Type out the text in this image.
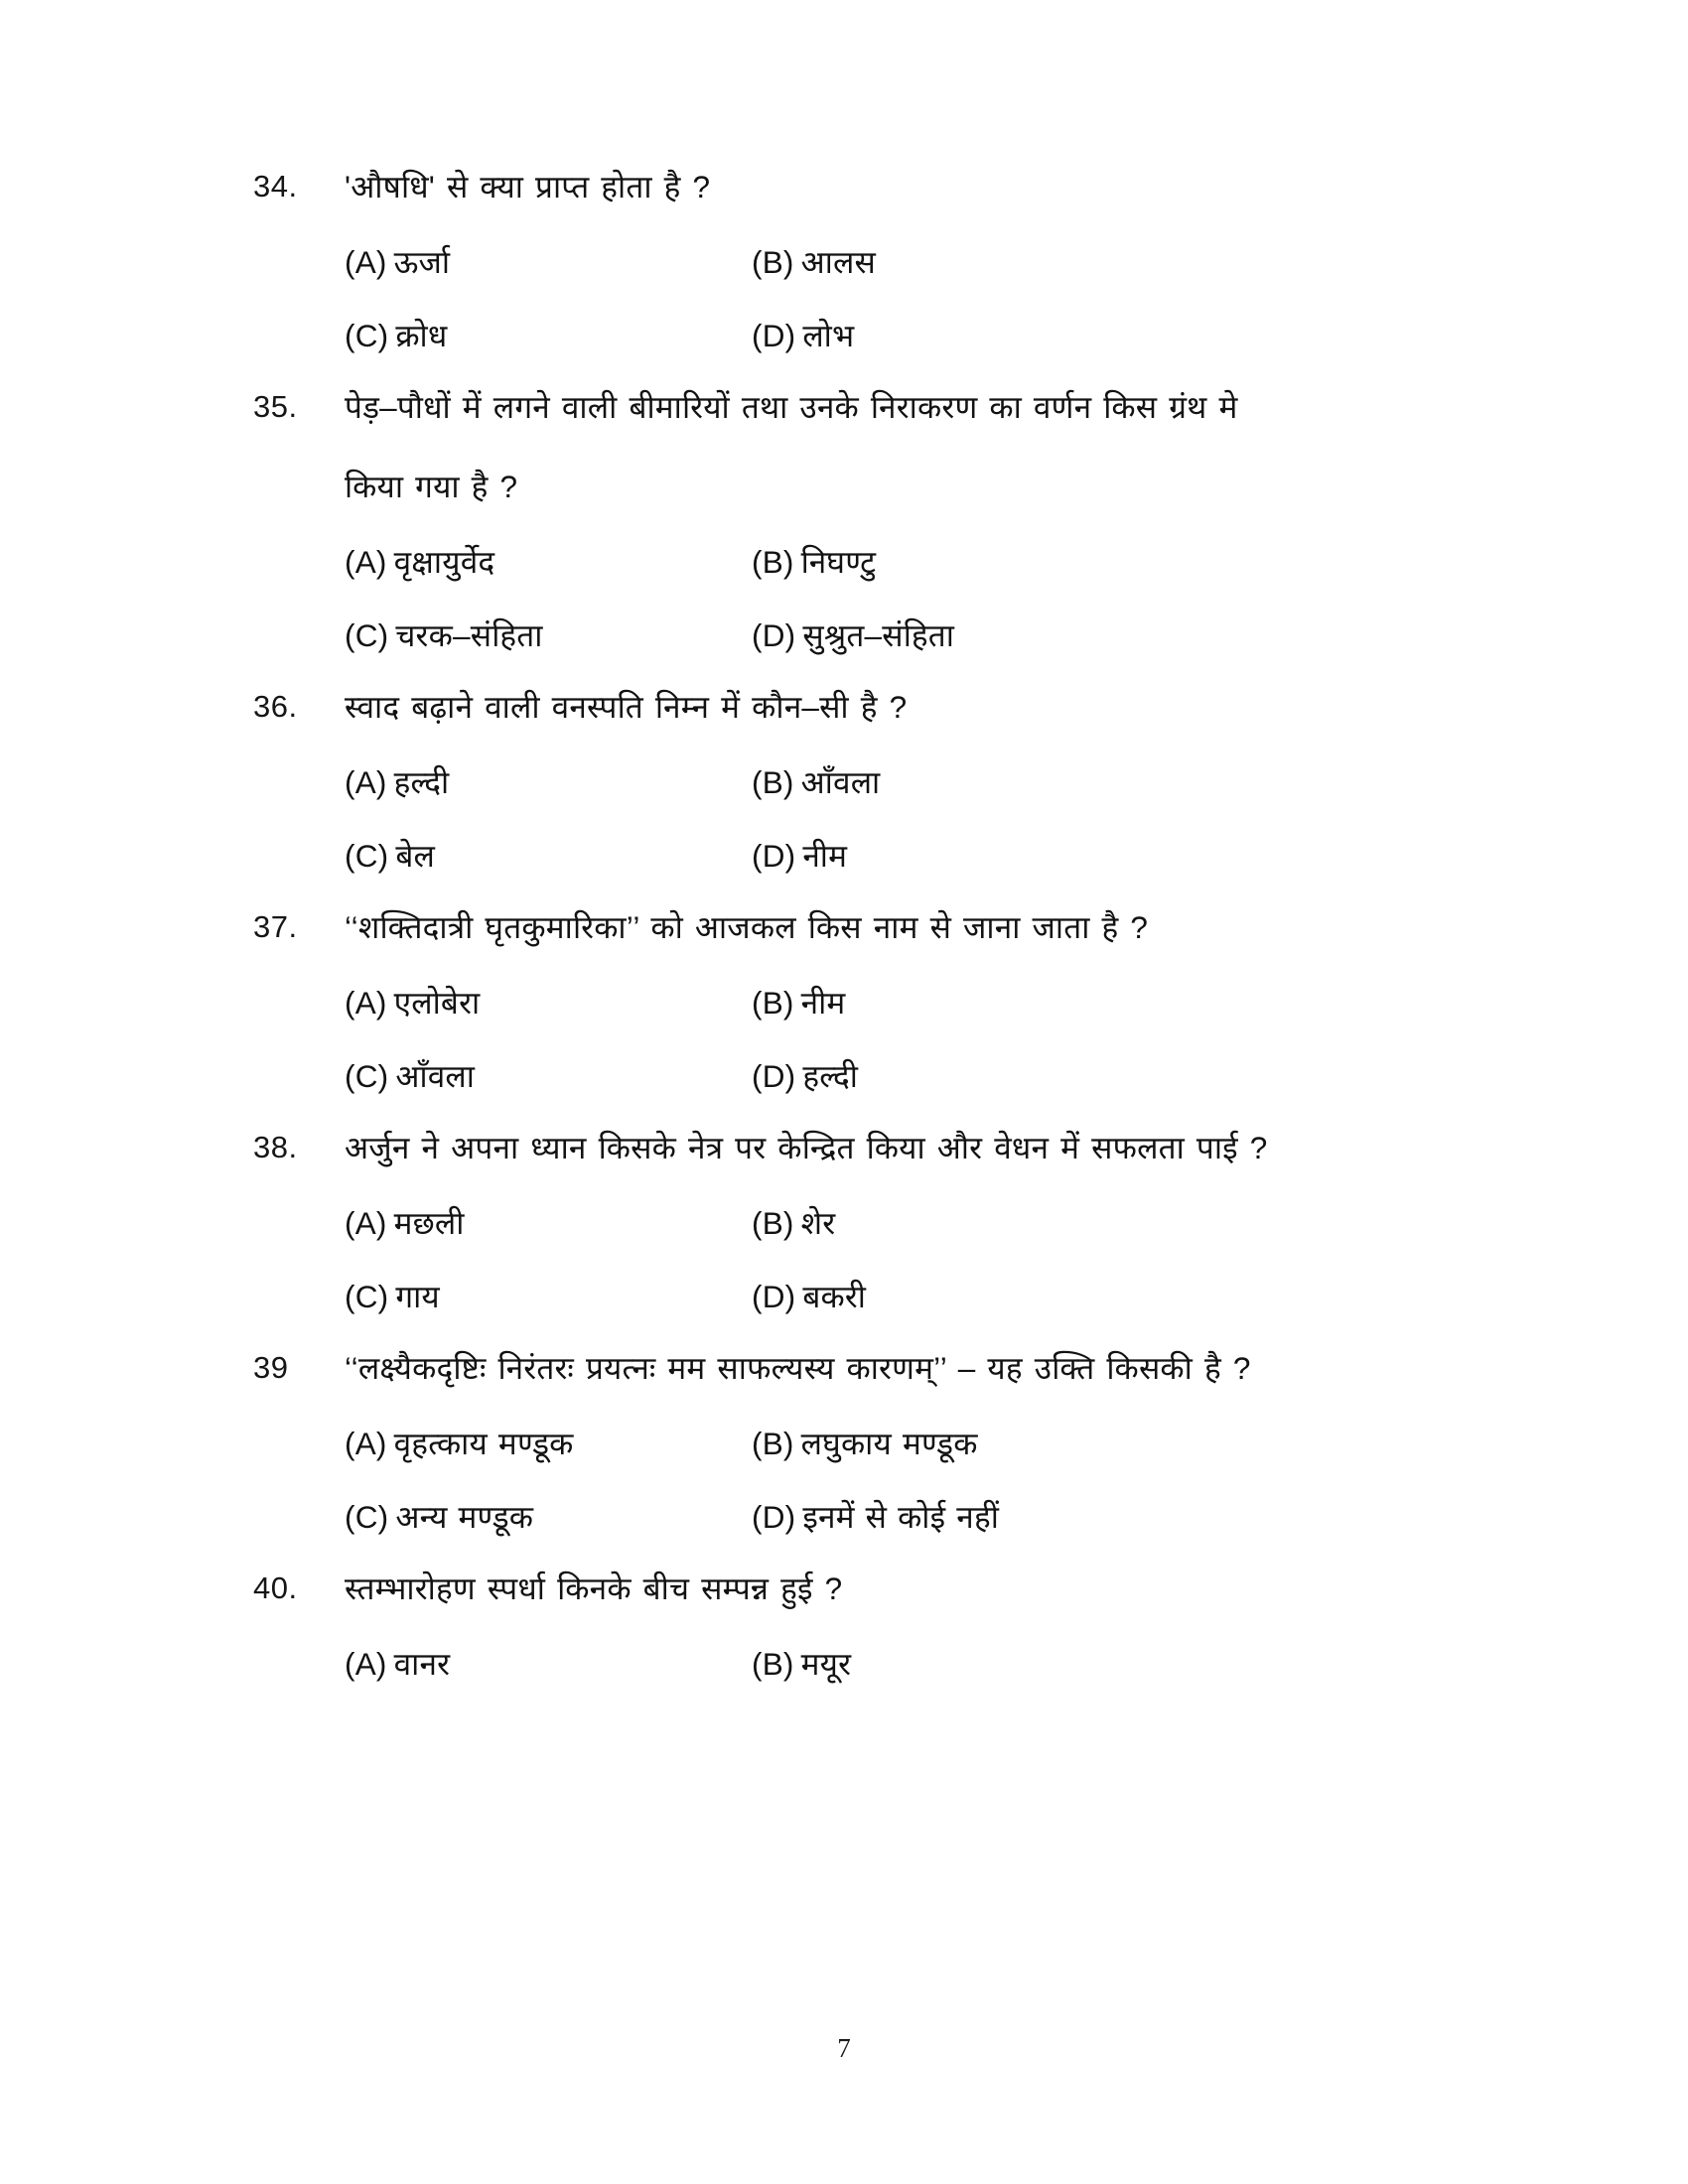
34.	'औषधि' से क्या प्राप्त होता है ?
(A) ऊर्जा	(B) आलस
(C) क्रोध	(D) लोभ
35.	पेड़–पौधों में लगने वाली बीमारियों तथा उनके निराकरण का वर्णन किस ग्रंथ मे
किया गया है ?
(A) वृक्षायुर्वेद	(B) निघण्टु
(C) चरक–संहिता	(D) सुश्रुत–संहिता
36.	स्वाद बढ़ाने वाली वनस्पति निम्न में कौन–सी है ?
(A) हल्दी	(B) आँवला
(C) बेल	(D) नीम
37.	‘‘शक्तिदात्री घृतकुमारिका’’ को आजकल किस नाम से जाना जाता है ?
(A) एलोबेरा	(B) नीम
(C) आँवला	(D) हल्दी
38.	अर्जुन ने अपना ध्यान किसके नेत्र पर केन्द्रित किया और वेधन में सफलता पाई ?
(A) मछली	(B) शेर
(C) गाय	(D) बकरी
39	‘‘लक्ष्यैकदृष्टिः निरंतरः प्रयत्नः मम साफल्यस्य कारणम्’’ – यह उक्ति किसकी है ?
(A) वृहत्काय मण्डूक	(B) लघुकाय मण्डूक
(C) अन्य मण्डूक	(D) इनमें से कोई नहीं
40.	स्तम्भारोहण स्पर्धा किनके बीच सम्पन्न हुई ?
(A) वानर	(B) मयूर
7
